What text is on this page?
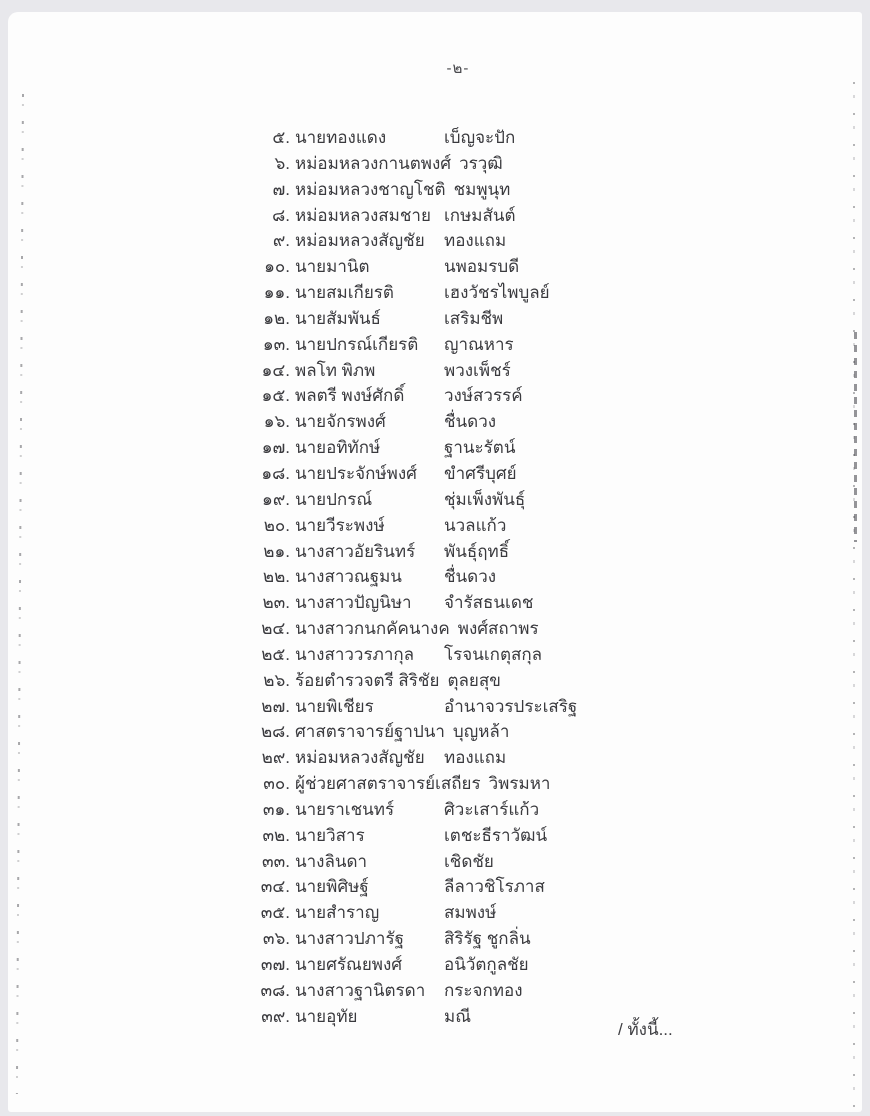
-๒-
๕. นายทองแดง	เบ็ญจะปัก
๖. หม่อมหลวงกานตพงศ์ วรวุฒิ
๗. หม่อมหลวงชาญโชติ ชมพูนุท
๘. หม่อมหลวงสมชาย เกษมสันต์
๙. หม่อมหลวงสัญชัย	ทองแถม
๑๐. นายมานิต	นพอมรบดี
๑๑. นายสมเกียรติ	เฮงวัชรไพบูลย์
๑๒. นายสัมพันธ์	เสริมชีพ
๑๓. นายปกรณ์เกียรติ	ญาณหาร
๑๔. พลโท พิภพ	พวงเพ็ชร์
๑๕. พลตรี พงษ์ศักดิ์	วงษ์สวรรค์
๑๖. นายจักรพงศ์	ชื่นดวง
๑๗. นายอทิทักษ์	ฐานะรัตน์
๑๘. นายประจักษ์พงศ์	ขำศรีบุศย์
๑๙. นายปกรณ์	ชุ่มเพ็งพันธุ์
๒๐. นายวีระพงษ์	นวลแก้ว
๒๑. นางสาวอัยรินทร์	พันธุ์ฤทธิ์
๒๒. นางสาวณฐมน	ชื่นดวง
๒๓. นางสาวปัญนิษา	จำรัสธนเดช
๒๔. นางสาวกนกคัคนางค พงศ์สถาพร
๒๕. นางสาววรภากุล	โรจนเกตุสกุล
๒๖. ร้อยตำรวจตรี สิริชัย ตุลยสุข
๒๗. นายพิเชียร	อำนาจวรประเสริฐ
๒๘. ศาสตราจารย์ฐาปนา บุญหล้า
๒๙. หม่อมหลวงสัญชัย	ทองแถม
๓๐. ผู้ช่วยศาสตราจารย์เสถียร วิพรมหา
๓๑. นายราเชนทร์	ศิวะเสาร์แก้ว
๓๒. นายวิสาร	เตชะธีราวัฒน์
๓๓. นางลินดา	เชิดชัย
๓๔. นายพิศิษฐ์	ลีลาวชิโรภาส
๓๕. นายสำราญ	สมพงษ์
๓๖. นางสาวปภารัฐ	สิริรัฐ ชูกลิ่น
๓๗. นายศรัณยพงศ์	อนิวัตกูลชัย
๓๘. นางสาวฐานิตรดา	กระจกทอง
๓๙. นายอุทัย	มณี
/ ทั้งนี้...
